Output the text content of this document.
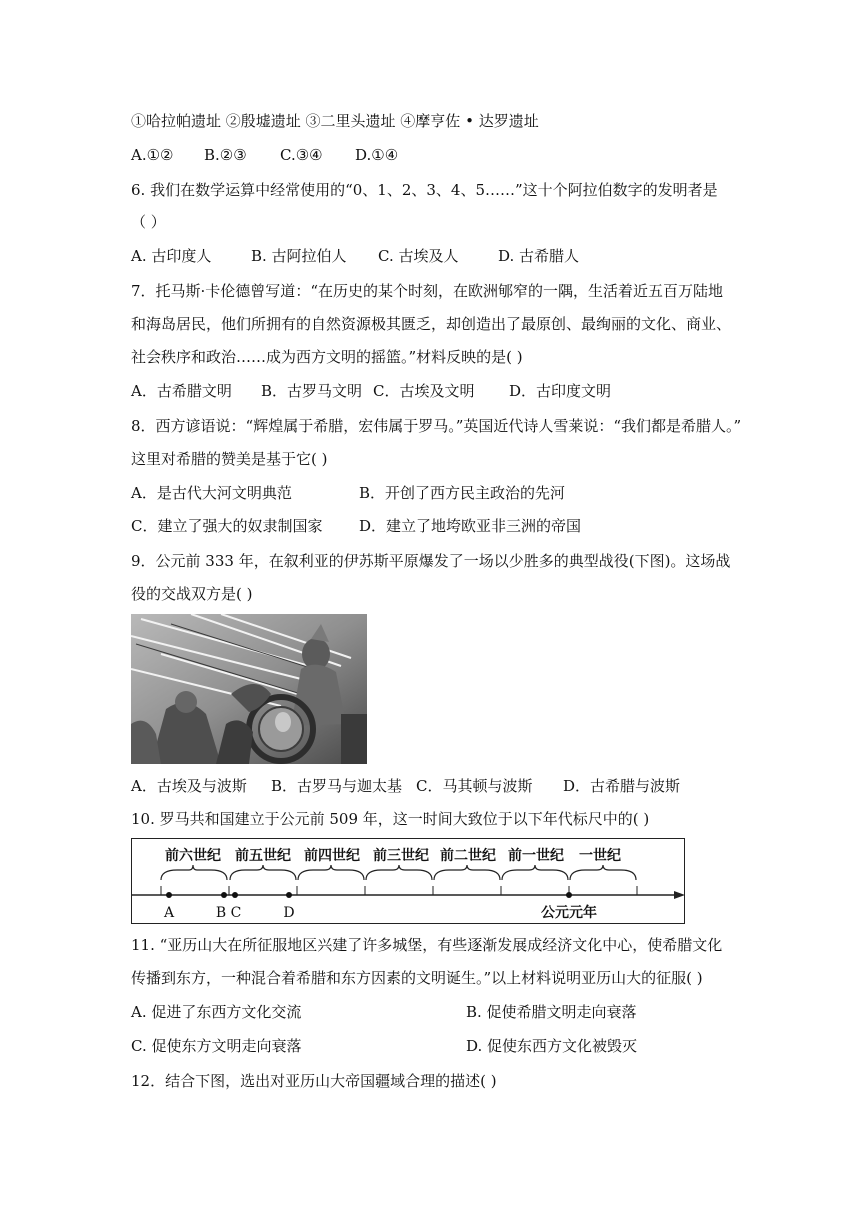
①哈拉帕遗址 ②殷墟遗址 ③二里头遗址 ④摩亨佐 • 达罗遗址
A.①② B.②③ C.③④ D.①④
6. 我们在数学运算中经常使用的“0、1、2、3、4、5……”这十个阿拉伯数字的发明者是
（ ）
A. 古印度人	B. 古阿拉伯人 C. 古埃及人	D. 古希腊人
7．托马斯·卡伦德曾写道：“在历史的某个时刻，在欧洲郇窄的一隅，生活着近五百万陆地
和海岛居民，他们所拥有的自然资源极其匮乏，却创造出了最原创、最绚丽的文化、商业、
社会秩序和政治……成为西方文明的摇篮。”材料反映的是( )
A．古希腊文明 B．古罗马文明 C．古埃及文明 D．古印度文明
8．西方谚语说：“辉煌属于希腊，宏伟属于罗马。”英国近代诗人雪莱说：“我们都是希腊人。”
这里对希腊的赞美是基于它( )
A．是古代大河文明典范	B．开创了西方民主政治的先河
C．建立了强大的奴隶制国家 D．建立了地垮欧亚非三洲的帝国
9．公元前 333 年，在叙利亚的伊苏斯平原爆发了一场以少胜多的典型战役(下图)。这场战
役的交战双方是( )
A．古埃及与波斯 B．古罗马与迦太基 C．马其顿与波斯 D．古希腊与波斯
10. 罗马共和国建立于公元前 509 年，这一时间大致位于以下年代标尺中的( )
11. “亚历山大在所征服地区兴建了许多城堡，有些逐渐发展成经济文化中心，使希腊文化
传播到东方，一种混合着希腊和东方因素的文明诞生。”以上材料说明亚历山大的征服( )
A. 促进了东西方文化交流	B. 促使希腊文明走向衰落
C. 促使东方文明走向衰落	D. 促使东西方文化被毁灭
12．结合下图，选出对亚历山大帝国疆域合理的描述( )
前六世纪 前五世纪 前四世纪 前三世纪 前二世纪 前一世纪 一世纪
A	B C	D	公元元年
